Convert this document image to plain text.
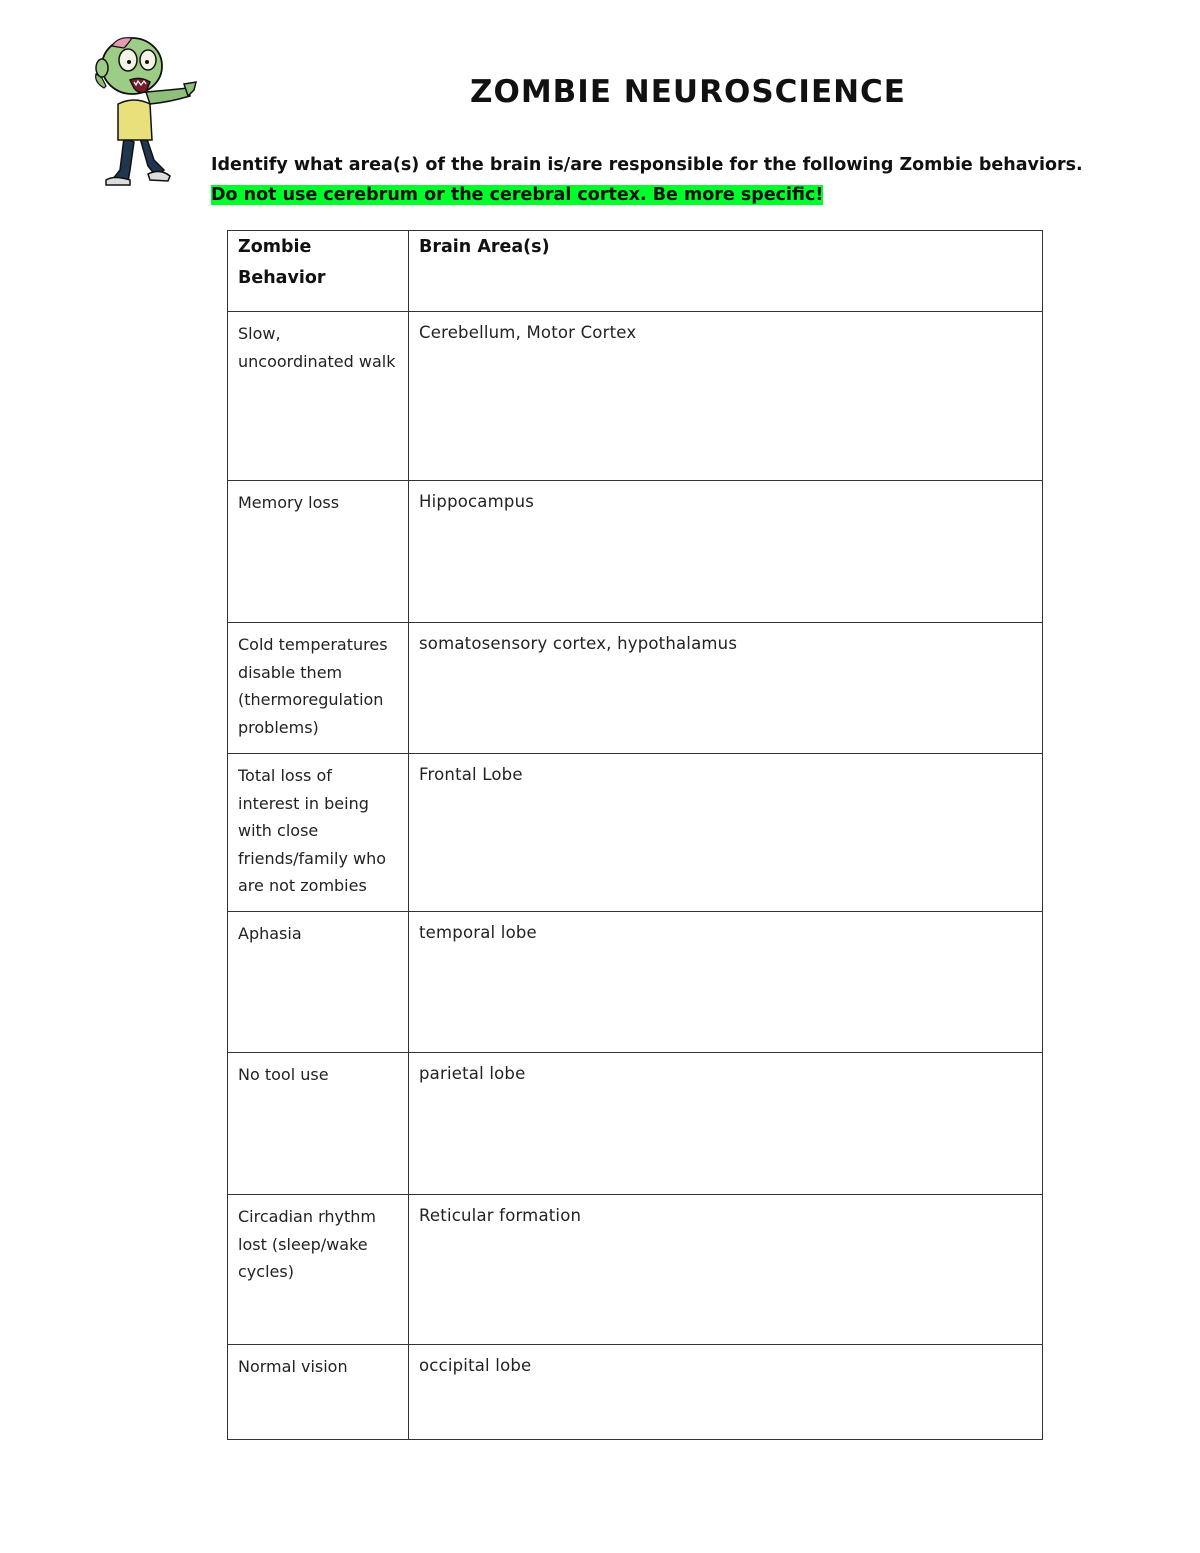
ZOMBIE NEUROSCIENCE
Identify what area(s) of the brain is/are responsible for the following Zombie behaviors. Do not use cerebrum or the cerebral cortex. Be more specific!
Zombie Behavior	Brain Area(s)
Slow, uncoordinated walk	Cerebellum, Motor Cortex
Memory loss	Hippocampus
Cold temperatures disable them (thermoregulation problems)	somatosensory cortex, hypothalamus
Total loss of interest in being with close friends/family who are not zombies	Frontal Lobe
Aphasia	temporal lobe
No tool use	parietal lobe
Circadian rhythm lost (sleep/wake cycles)	Reticular formation
Normal vision	occipital lobe
